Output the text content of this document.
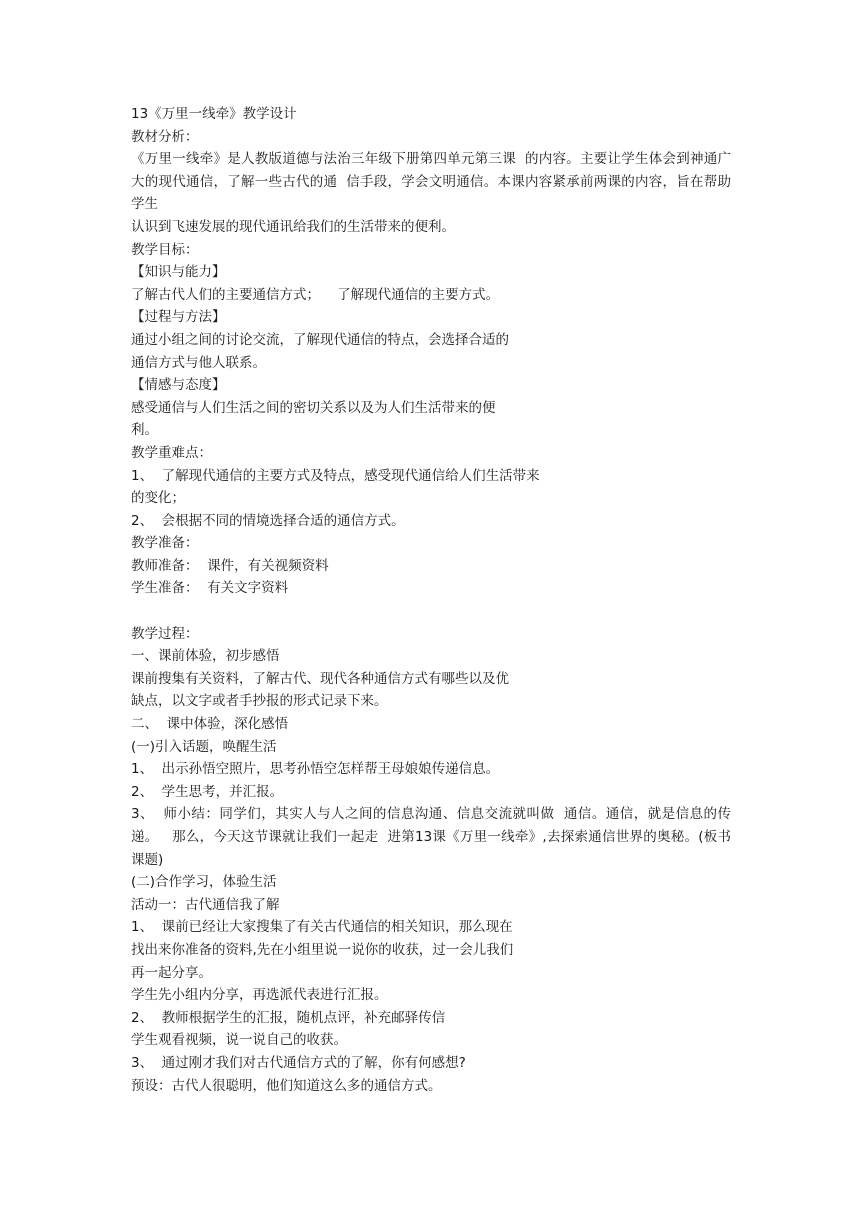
13《万里一线牵》教学设计

教材分析：

《万里一线牵》是人教版道德与法治三年级下册第四单元第三课  的内容。主要让学生体会到神通广大的现代通信，了解一些古代的通  信手段，学会文明通信。本课内容紧承前两课的内容，旨在帮助学生

认识到飞速发展的现代通讯给我们的生活带来的便利。

教学目标：

【知识与能力】

了解古代人们的主要通信方式；    了解现代通信的主要方式。

【过程与方法】

通过小组之间的讨论交流，了解现代通信的特点，会选择合适的

通信方式与他人联系。

【情感与态度】

感受通信与人们生活之间的密切关系以及为人们生活带来的便

利。

教学重难点：

1、  了解现代通信的主要方式及特点，感受现代通信给人们生活带来

的变化；

2、  会根据不同的情境选择合适的通信方式。

教学准备：

教师准备：  课件，有关视频资料

学生准备：  有关文字资料

教学过程：

一、课前体验，初步感悟

课前搜集有关资料，了解古代、现代各种通信方式有哪些以及优

缺点，以文字或者手抄报的形式记录下来。

二、  课中体验，深化感悟

(一)引入话题，唤醒生活

1、  出示孙悟空照片，思考孙悟空怎样帮王母娘娘传递信息。

2、  学生思考，并汇报。

3、  师小结：同学们，其实人与人之间的信息沟通、信息交流就叫做  通信。通信，就是信息的传递。   那么，今天这节课就让我们一起走  进第13课《万里一线牵》,去探索通信世界的奥秘。(板书课题)

(二)合作学习，体验生活

活动一：古代通信我了解

1、  课前已经让大家搜集了有关古代通信的相关知识，那么现在

找出来你准备的资料,先在小组里说一说你的收获，过一会儿我们

再一起分享。

学生先小组内分享，再选派代表进行汇报。

2、  教师根据学生的汇报，随机点评，补充邮驿传信

学生观看视频，说一说自己的收获。

3、  通过刚才我们对古代通信方式的了解，你有何感想?

预设：古代人很聪明，他们知道这么多的通信方式。
